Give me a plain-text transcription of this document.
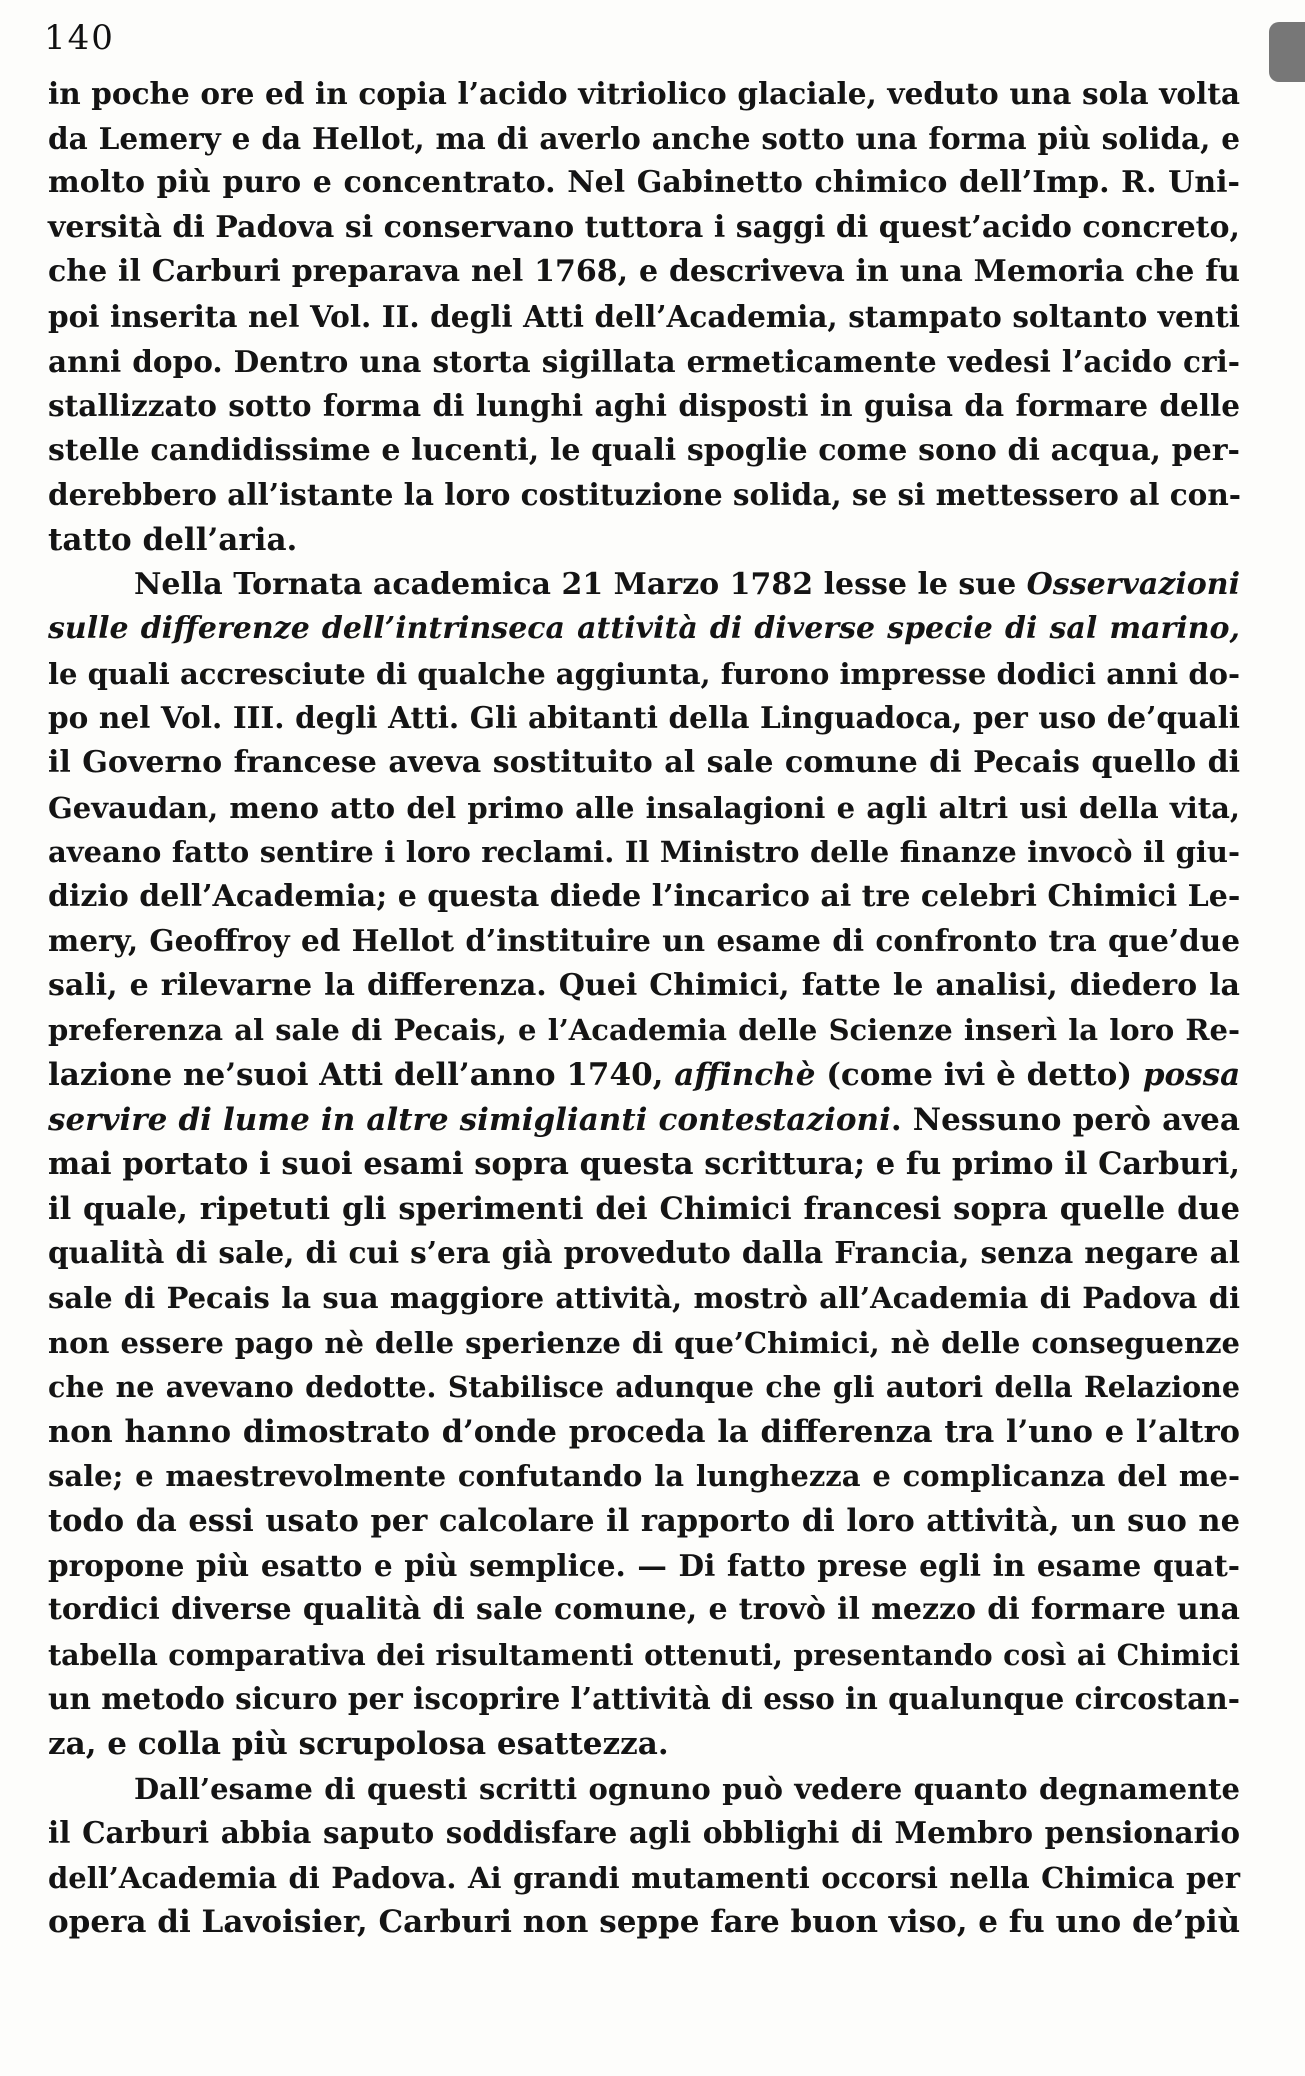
140
in poche ore ed in copia l’acido vitriolico glaciale, veduto una sola volta
da Lemery e da Hellot, ma di averlo anche sotto una forma più solida, e
molto più puro e concentrato. Nel Gabinetto chimico dell’Imp. R. Uni-
versità di Padova si conservano tuttora i saggi di quest’acido concreto,
che il Carburi preparava nel 1768, e descriveva in una Memoria che fu
poi inserita nel Vol. II. degli Atti dell’Academia, stampato soltanto venti
anni dopo. Dentro una storta sigillata ermeticamente vedesi l’acido cri-
stallizzato sotto forma di lunghi aghi disposti in guisa da formare delle
stelle candidissime e lucenti, le quali spoglie come sono di acqua, per-
derebbero all’istante la loro costituzione solida, se si mettessero al con-
tatto dell’aria.
Nella Tornata academica 21 Marzo 1782 lesse le sue Osservazioni
sulle differenze dell’intrinseca attività di diverse specie di sal marino,
le quali accresciute di qualche aggiunta, furono impresse dodici anni do-
po nel Vol. III. degli Atti. Gli abitanti della Linguadoca, per uso de’quali
il Governo francese aveva sostituito al sale comune di Pecais quello di
Gevaudan, meno atto del primo alle insalagioni e agli altri usi della vita,
aveano fatto sentire i loro reclami. Il Ministro delle finanze invocò il giu-
dizio dell’Academia; e questa diede l’incarico ai tre celebri Chimici Le-
mery, Geoffroy ed Hellot d’instituire un esame di confronto tra que’due
sali, e rilevarne la differenza. Quei Chimici, fatte le analisi, diedero la
preferenza al sale di Pecais, e l’Academia delle Scienze inserì la loro Re-
lazione ne’suoi Atti dell’anno 1740, affinchè (come ivi è detto) possa
servire di lume in altre simiglianti contestazioni. Nessuno però avea
mai portato i suoi esami sopra questa scrittura; e fu primo il Carburi,
il quale, ripetuti gli sperimenti dei Chimici francesi sopra quelle due
qualità di sale, di cui s’era già proveduto dalla Francia, senza negare al
sale di Pecais la sua maggiore attività, mostrò all’Academia di Padova di
non essere pago nè delle sperienze di que’Chimici, nè delle conseguenze
che ne avevano dedotte. Stabilisce adunque che gli autori della Relazione
non hanno dimostrato d’onde proceda la differenza tra l’uno e l’altro
sale; e maestrevolmente confutando la lunghezza e complicanza del me-
todo da essi usato per calcolare il rapporto di loro attività, un suo ne
propone più esatto e più semplice. — Di fatto prese egli in esame quat-
tordici diverse qualità di sale comune, e trovò il mezzo di formare una
tabella comparativa dei risultamenti ottenuti, presentando così ai Chimici
un metodo sicuro per iscoprire l’attività di esso in qualunque circostan-
za, e colla più scrupolosa esattezza.
Dall’esame di questi scritti ognuno può vedere quanto degnamente
il Carburi abbia saputo soddisfare agli obblighi di Membro pensionario
dell’Academia di Padova. Ai grandi mutamenti occorsi nella Chimica per
opera di Lavoisier, Carburi non seppe fare buon viso, e fu uno de’più
